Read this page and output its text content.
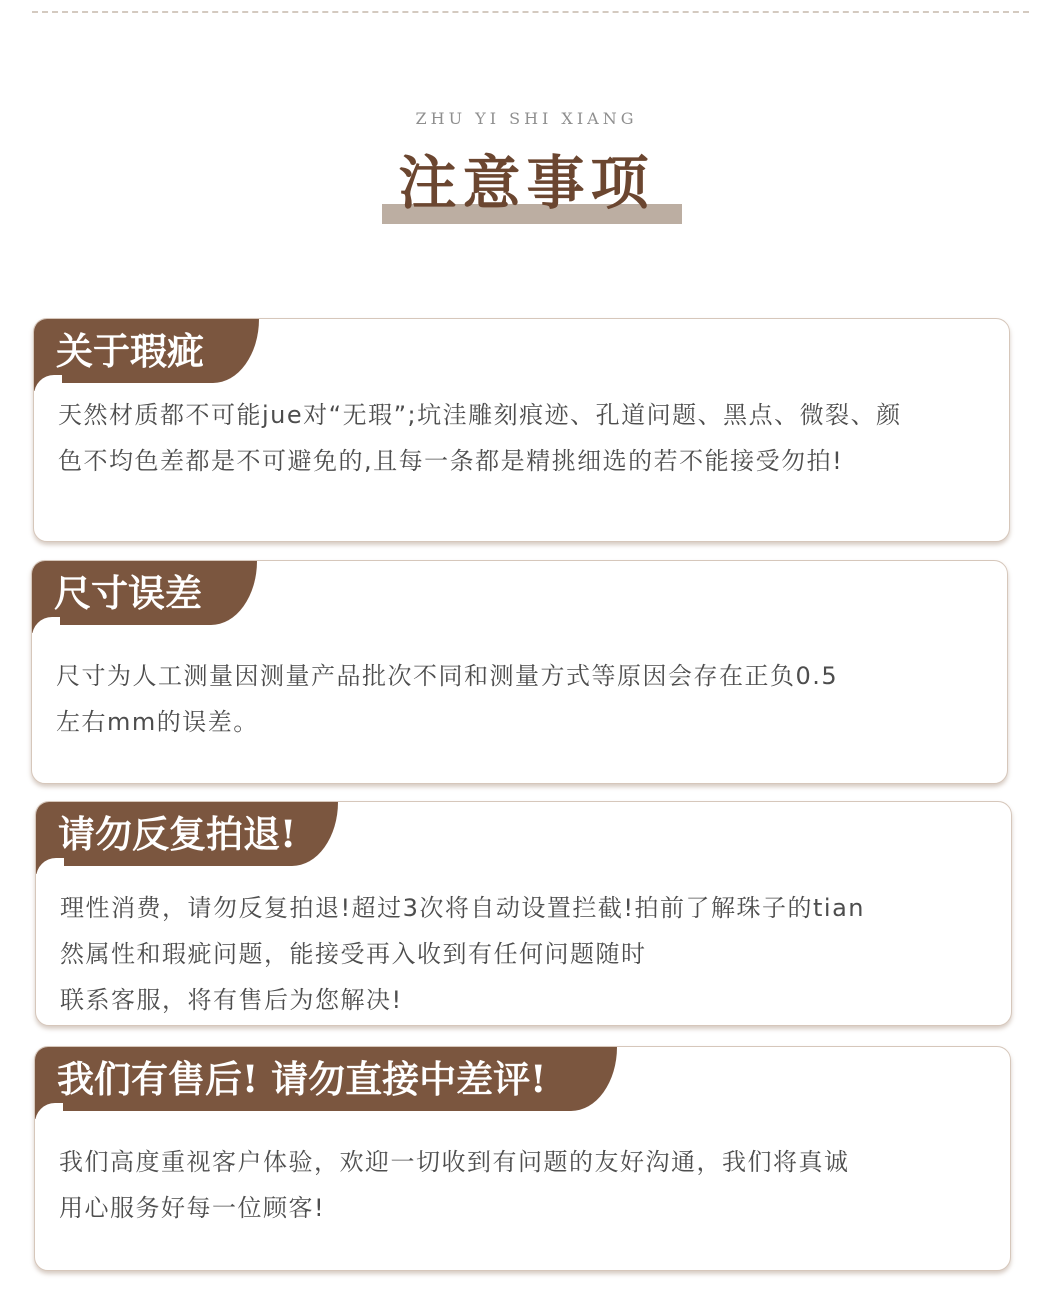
ZHU YI SHI XIANG
注意事项
关于瑕疵

天然材质都不可能jue对“无瑕”;坑洼雕刻痕迹、孔道问题、黑点、微裂、颜
色不均色差都是不可避免的,且每一条都是精挑细选的若不能接受勿拍!

尺寸误差

尺寸为人工测量因测量产品批次不同和测量方式等原因会存在正负0.5
左右mm的误差。

请勿反复拍退!

理性消费，请勿反复拍退!超过3次将自动设置拦截!拍前了解珠子的tian
然属性和瑕疵问题，能接受再入收到有任何问题随时
联系客服，将有售后为您解决!

我们有售后! 请勿直接中差评!

我们高度重视客户体验，欢迎一切收到有问题的友好沟通，我们将真诚
用心服务好每一位顾客!
